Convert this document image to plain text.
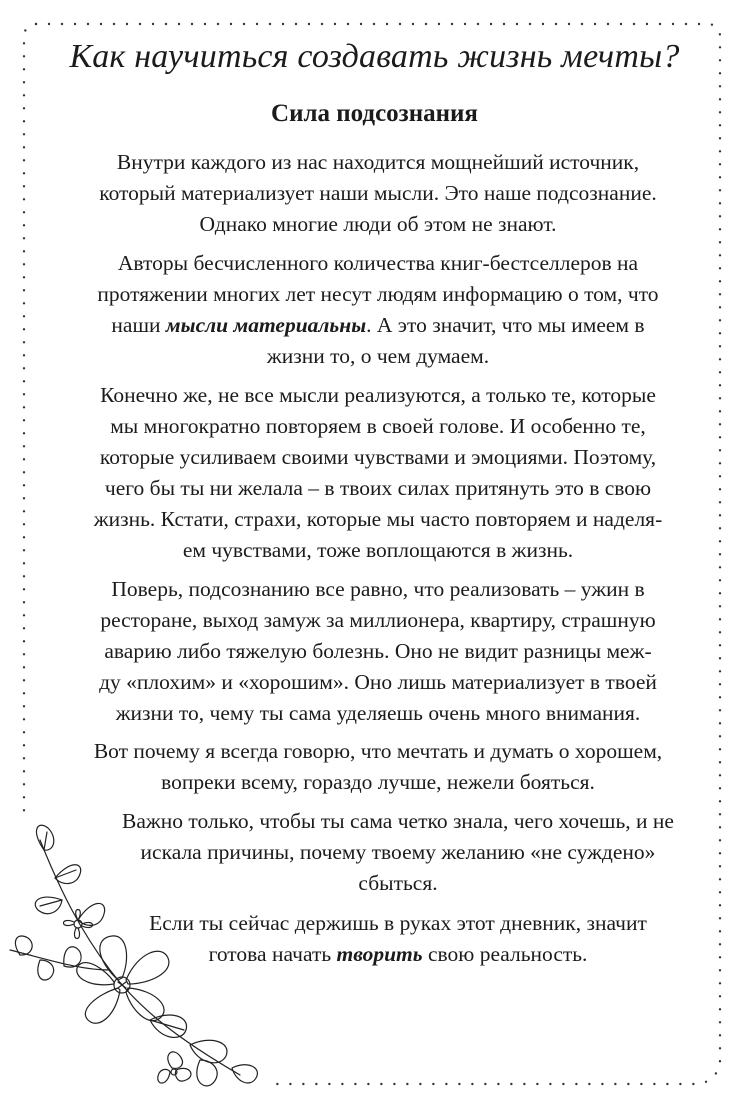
Как научиться создавать жизнь мечты?
Сила подсознания

Внутри каждого из нас находится мощнейший источник,
который материализует наши мысли. Это наше подсознание.
Однако многие люди об этом не знают.

Авторы бесчисленного количества книг-бестселлеров на
протяжении многих лет несут людям информацию о том, что
наши мысли материальны. А это значит, что мы имеем в
жизни то, о чем думаем.

Конечно же, не все мысли реализуются, а только те, которые
мы многократно повторяем в своей голове. И особенно те,
которые усиливаем своими чувствами и эмоциями. Поэтому,
чего бы ты ни желала – в твоих силах притянуть это в свою
жизнь. Кстати, страхи, которые мы часто повторяем и наделя-
ем чувствами, тоже воплощаются в жизнь.

Поверь, подсознанию все равно, что реализовать – ужин в
ресторане, выход замуж за миллионера, квартиру, страшную
аварию либо тяжелую болезнь. Оно не видит разницы меж-
ду «плохим» и «хорошим». Оно лишь материализует в твоей
жизни то, чему ты сама уделяешь очень много внимания.

Вот почему я всегда говорю, что мечтать и думать о хорошем,
вопреки всему, гораздо лучше, нежели бояться.

Важно только, чтобы ты сама четко знала, чего хочешь, и не
искала причины, почему твоему желанию «не суждено»
сбыться.

Если ты сейчас держишь в руках этот дневник, значит
готова начать творить свою реальность.
